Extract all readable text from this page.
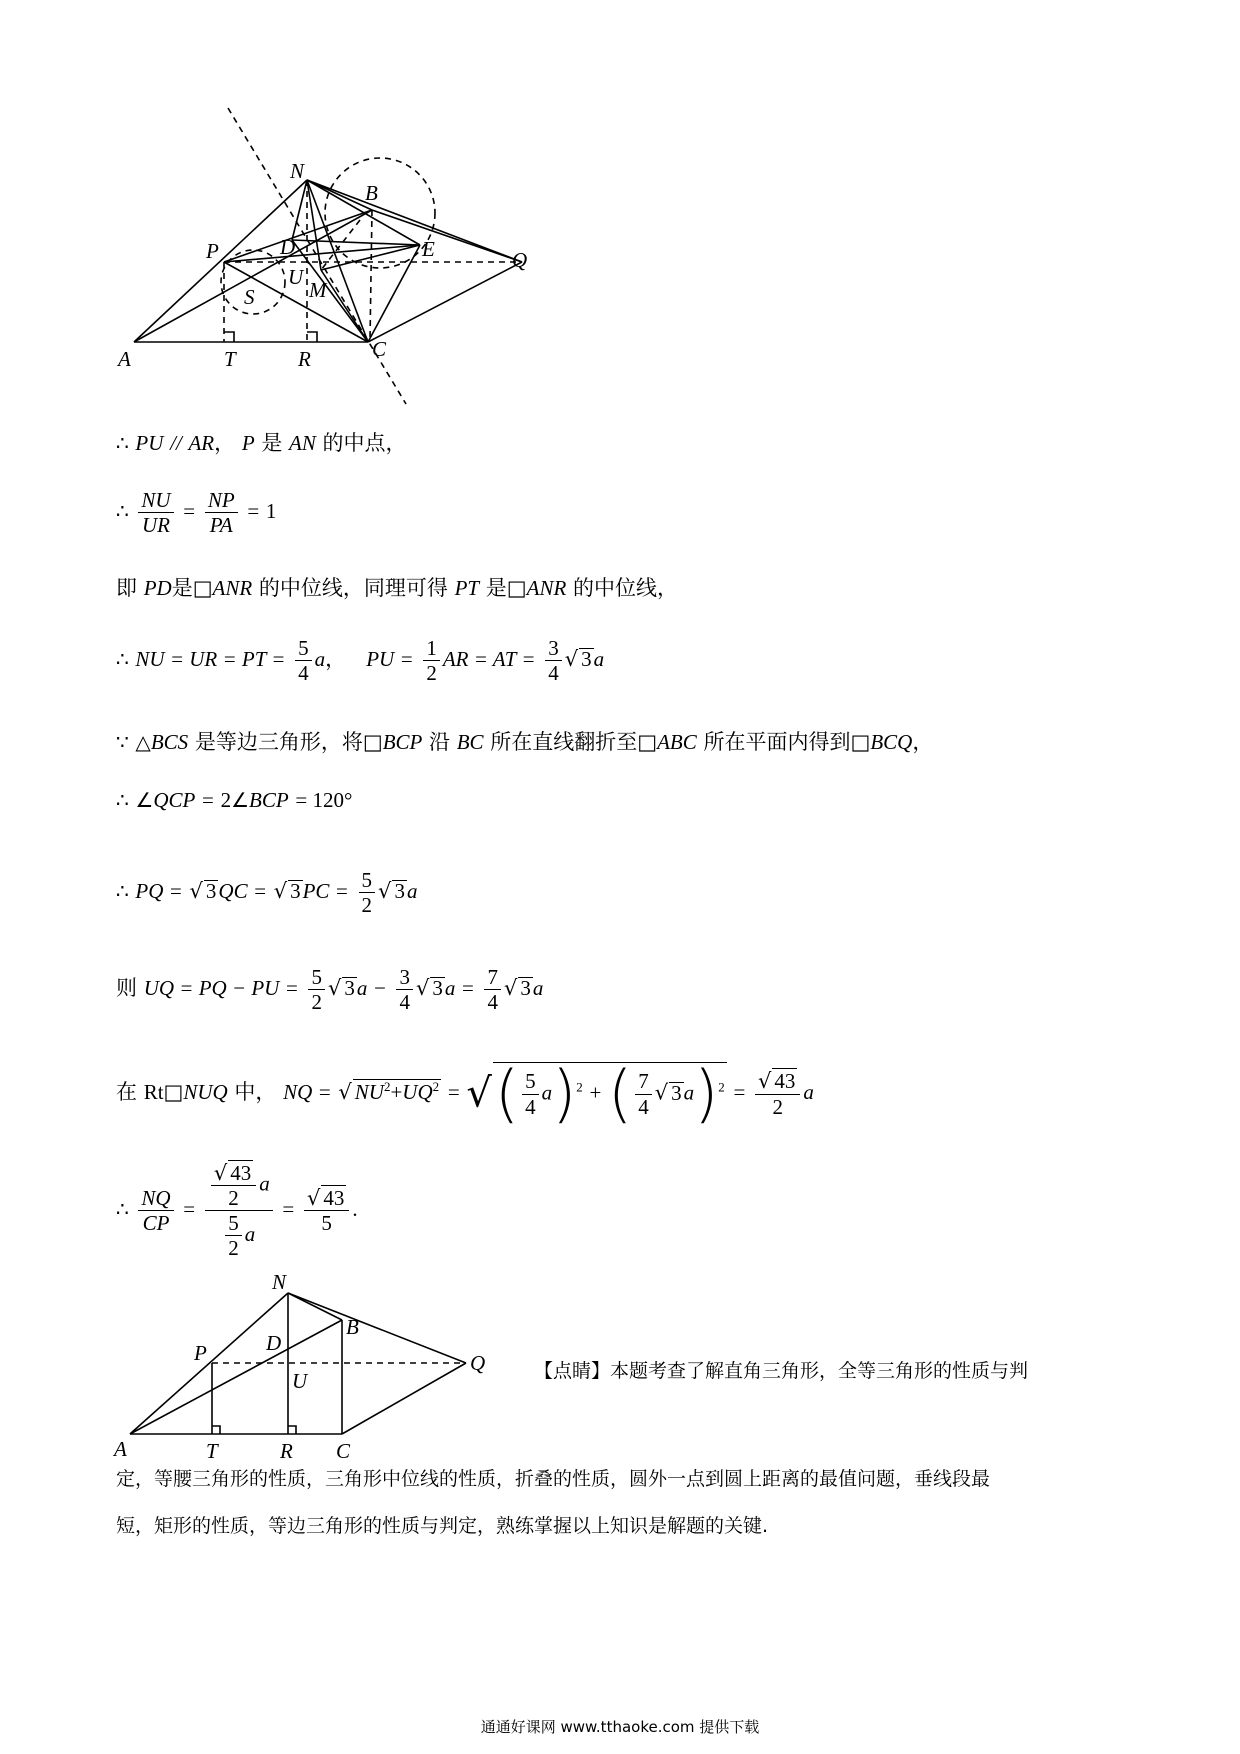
N
B
P	D	E	Q
U
M
S
A	T	R	C
∴ PU // AR， P 是 AN 的中点，
∴ $\frac{NU}{UR} = \frac{NP}{PA} = 1$
即 PD是□ANR 的中位线，同理可得 PT 是□ANR 的中位线，
∴ NU = UR = PT = $\frac{5}{4}$ a， PU = $\frac{1}{2}$ AR = AT = $\frac{3}{4}$ √ 3a
∵ △BCS 是等边三角形，将□BCP 沿 BC 所在直线翻折至□ABC 所在平面内得到□BCQ，
∴ ∠QCP = 2∠BCP = 120°
∴ PQ = √ 3QC = √ $3PC = \frac{5}{2}$ √ 3a
则 UQ = PQ − PU = $\frac{5}{2}$ √ $3a - \frac{3}{4}$ √ $3a = \frac{7}{4}$ √ 3a
在 Rt□NUQ 中， NQ = √ $NU^2+UQ^2$ = √( $\frac{5}{4} a)^2$ + ( $\frac{7}{4}$ √ $3a)^2 = \frac{√ 43}{2}$ a
∴ $\frac{NQ}{CP} = \frac{\frac{√ 43}{2} a}{\frac{5}{2} a} = \frac{√ 43}{5}$ .
N
B
P	D
Q
U
A	T	R C
【点睛】本题考查了解直角三角形，全等三角形的性质与判
定，等腰三角形的性质，三角形中位线的性质，折叠的性质，圆外一点到圆上距离的最值问题，垂线段最
短，矩形的性质，等边三角形的性质与判定，熟练掌握以上知识是解题的关键.
通通好课网 www.tthaoke.com 提供下载
